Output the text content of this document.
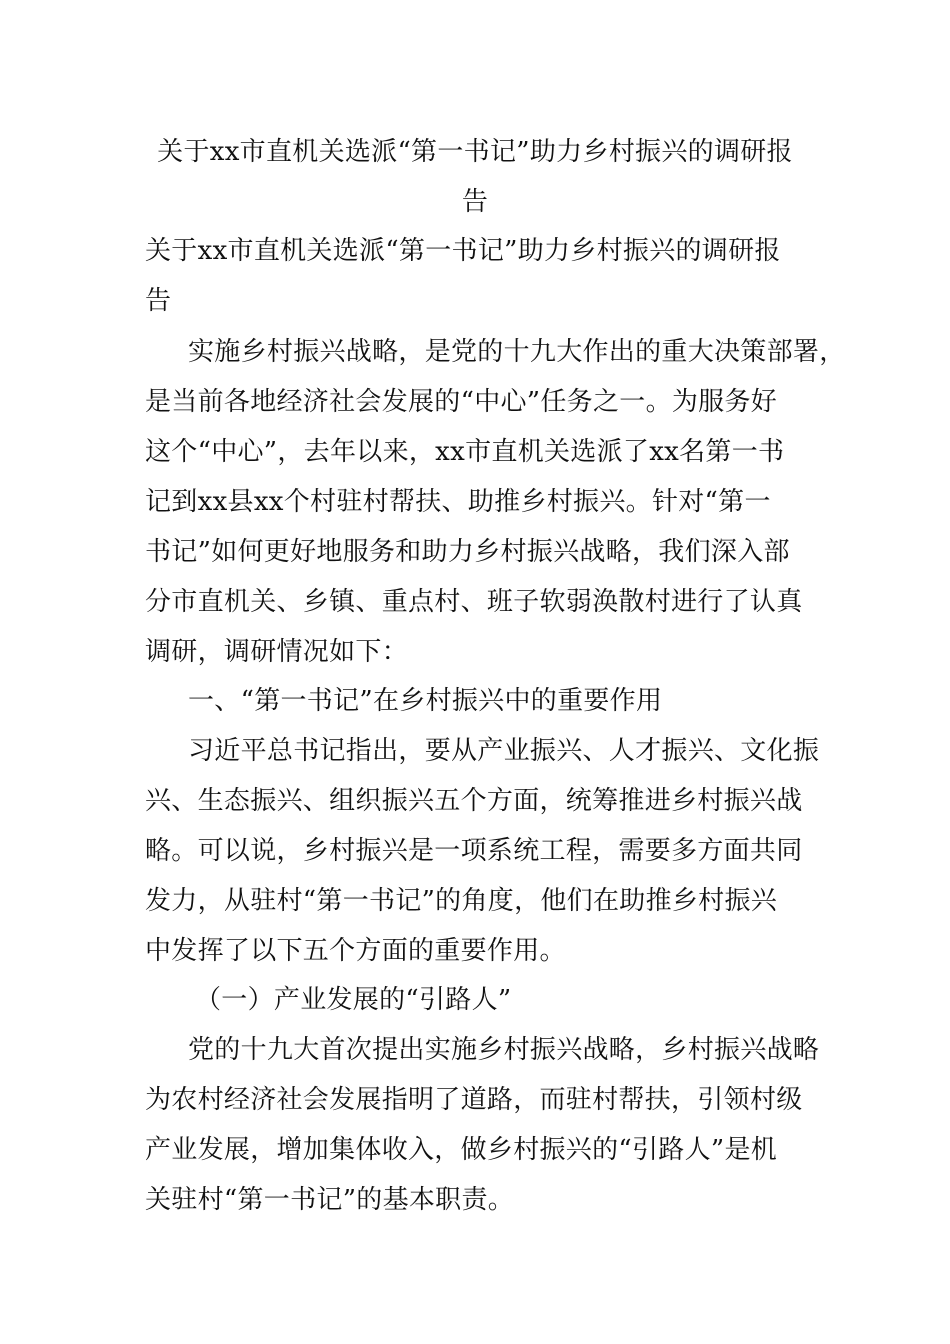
关于xx市直机关选派“第一书记”助力乡村振兴的调研报
告
关于xx市直机关选派“第一书记”助力乡村振兴的调研报
告
实施乡村振兴战略，是党的十九大作出的重大决策部署，
是当前各地经济社会发展的“中心”任务之一。为服务好
这个“中心”，去年以来，xx市直机关选派了xx名第一书
记到xx县xx个村驻村帮扶、助推乡村振兴。针对“第一
书记”如何更好地服务和助力乡村振兴战略，我们深入部
分市直机关、乡镇、重点村、班子软弱涣散村进行了认真
调研，调研情况如下：
一、“第一书记”在乡村振兴中的重要作用
习近平总书记指出，要从产业振兴、人才振兴、文化振
兴、生态振兴、组织振兴五个方面，统筹推进乡村振兴战
略。可以说，乡村振兴是一项系统工程，需要多方面共同
发力，从驻村“第一书记”的角度，他们在助推乡村振兴
中发挥了以下五个方面的重要作用。
（一）产业发展的“引路人”
党的十九大首次提出实施乡村振兴战略，乡村振兴战略
为农村经济社会发展指明了道路，而驻村帮扶，引领村级
产业发展，增加集体收入，做乡村振兴的“引路人”是机
关驻村“第一书记”的基本职责。
